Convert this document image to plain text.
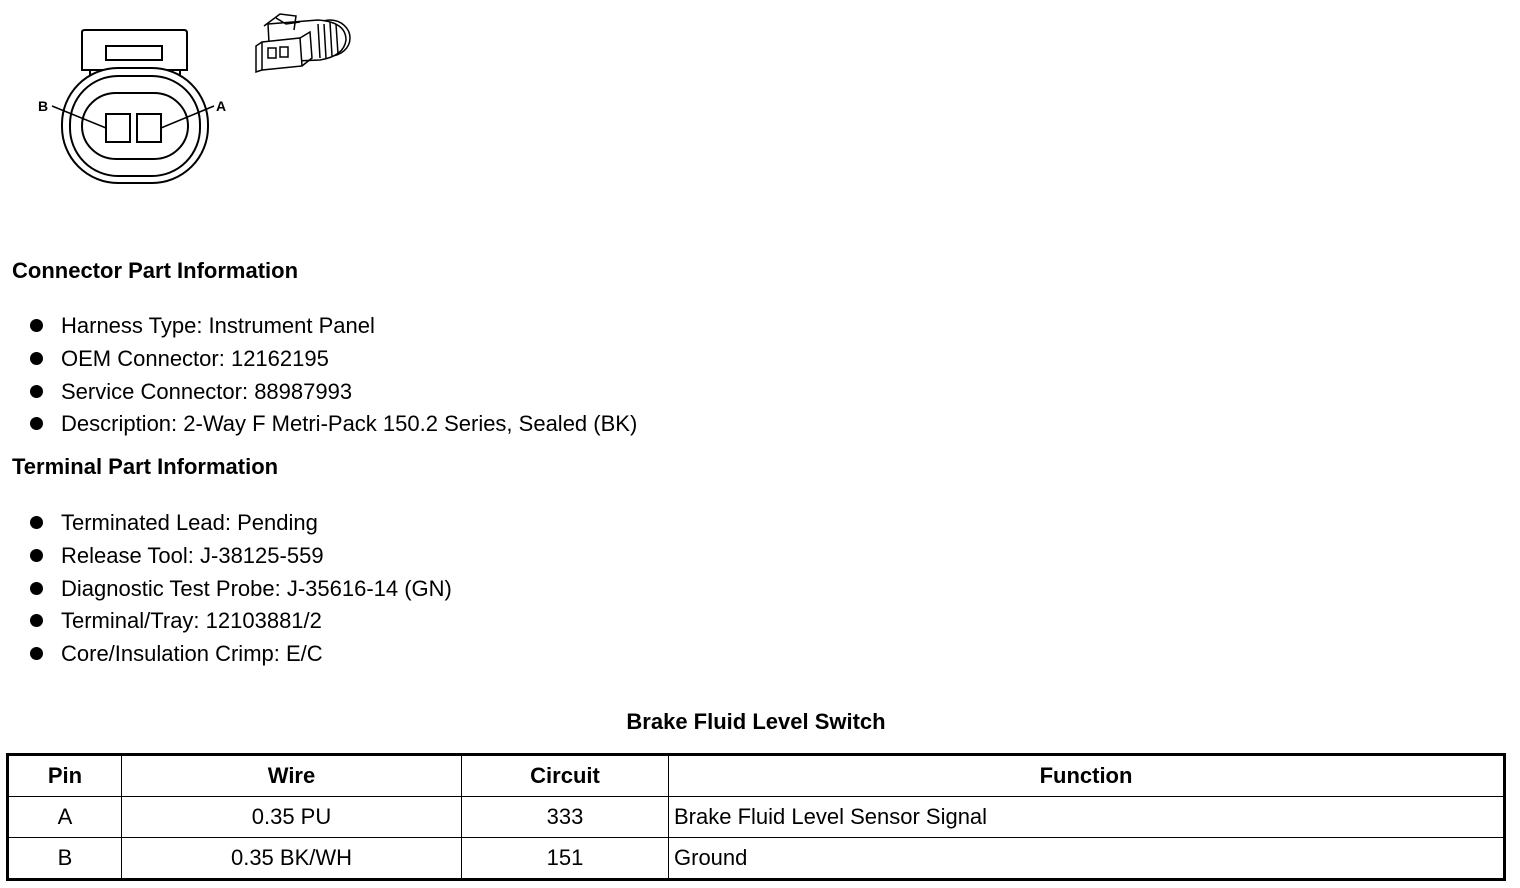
B	A
Connector Part Information
Harness Type: Instrument Panel
OEM Connector: 12162195
Service Connector: 88987993
Description: 2-Way F Metri-Pack 150.2 Series, Sealed (BK)
Terminal Part Information
Terminated Lead: Pending
Release Tool: J-38125-559
Diagnostic Test Probe: J-35616-14 (GN)
Terminal/Tray: 12103881/2
Core/Insulation Crimp: E/C
Brake Fluid Level Switch
Pin	Wire	Circuit	Function
A	0.35 PU	333	Brake Fluid Level Sensor Signal
B	0.35 BK/WH	151	Ground
